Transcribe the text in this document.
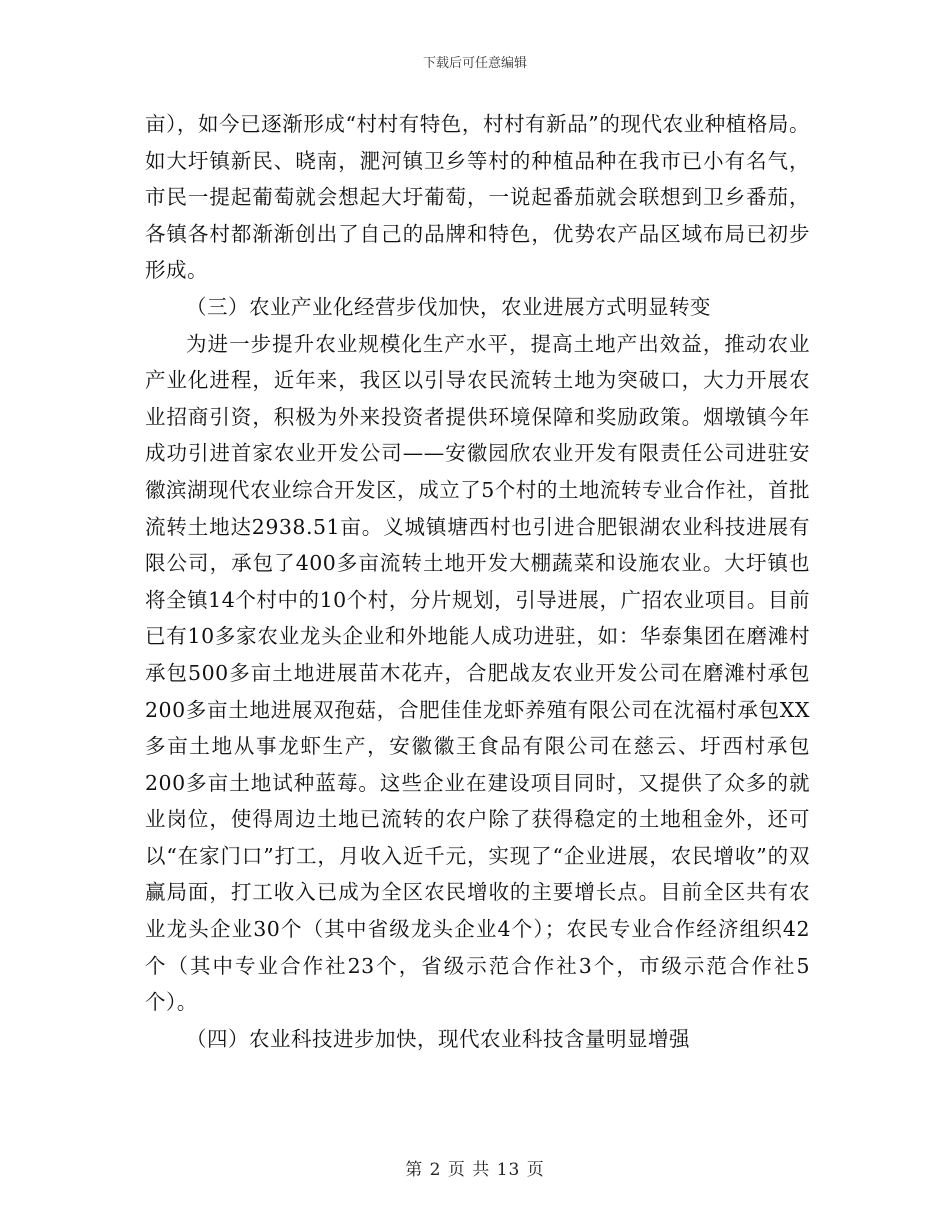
下载后可任意编辑

亩），如今已逐渐形成“村村有特色，村村有新品”的现代农业种植格局。如大圩镇新民、晓南，淝河镇卫乡等村的种植品种在我市已小有名气，市民一提起葡萄就会想起大圩葡萄，一说起番茄就会联想到卫乡番茄，各镇各村都渐渐创出了自己的品牌和特色，优势农产品区域布局已初步形成。

（三）农业产业化经营步伐加快，农业进展方式明显转变

为进一步提升农业规模化生产水平，提高土地产出效益，推动农业产业化进程，近年来，我区以引导农民流转土地为突破口，大力开展农业招商引资，积极为外来投资者提供环境保障和奖励政策。烟墩镇今年成功引进首家农业开发公司——安徽园欣农业开发有限责任公司进驻安徽滨湖现代农业综合开发区，成立了5个村的土地流转专业合作社，首批流转土地达2938.51亩。义城镇塘西村也引进合肥银湖农业科技进展有限公司，承包了400多亩流转土地开发大棚蔬菜和设施农业。大圩镇也将全镇14个村中的10个村，分片规划，引导进展，广招农业项目。目前已有10多家农业龙头企业和外地能人成功进驻，如：华泰集团在磨滩村承包500多亩土地进展苗木花卉，合肥战友农业开发公司在磨滩村承包200多亩土地进展双孢菇，合肥佳佳龙虾养殖有限公司在沈福村承包XX多亩土地从事龙虾生产，安徽徽王食品有限公司在慈云、圩西村承包200多亩土地试种蓝莓。这些企业在建设项目同时，又提供了众多的就业岗位，使得周边土地已流转的农户除了获得稳定的土地租金外，还可以“在家门口”打工，月收入近千元，实现了“企业进展，农民增收”的双赢局面，打工收入已成为全区农民增收的主要增长点。目前全区共有农业龙头企业30个（其中省级龙头企业4个）；农民专业合作经济组织42个（其中专业合作社23个，省级示范合作社3个，市级示范合作社5个）。

（四）农业科技进步加快，现代农业科技含量明显增强

第 2 页 共 13 页
